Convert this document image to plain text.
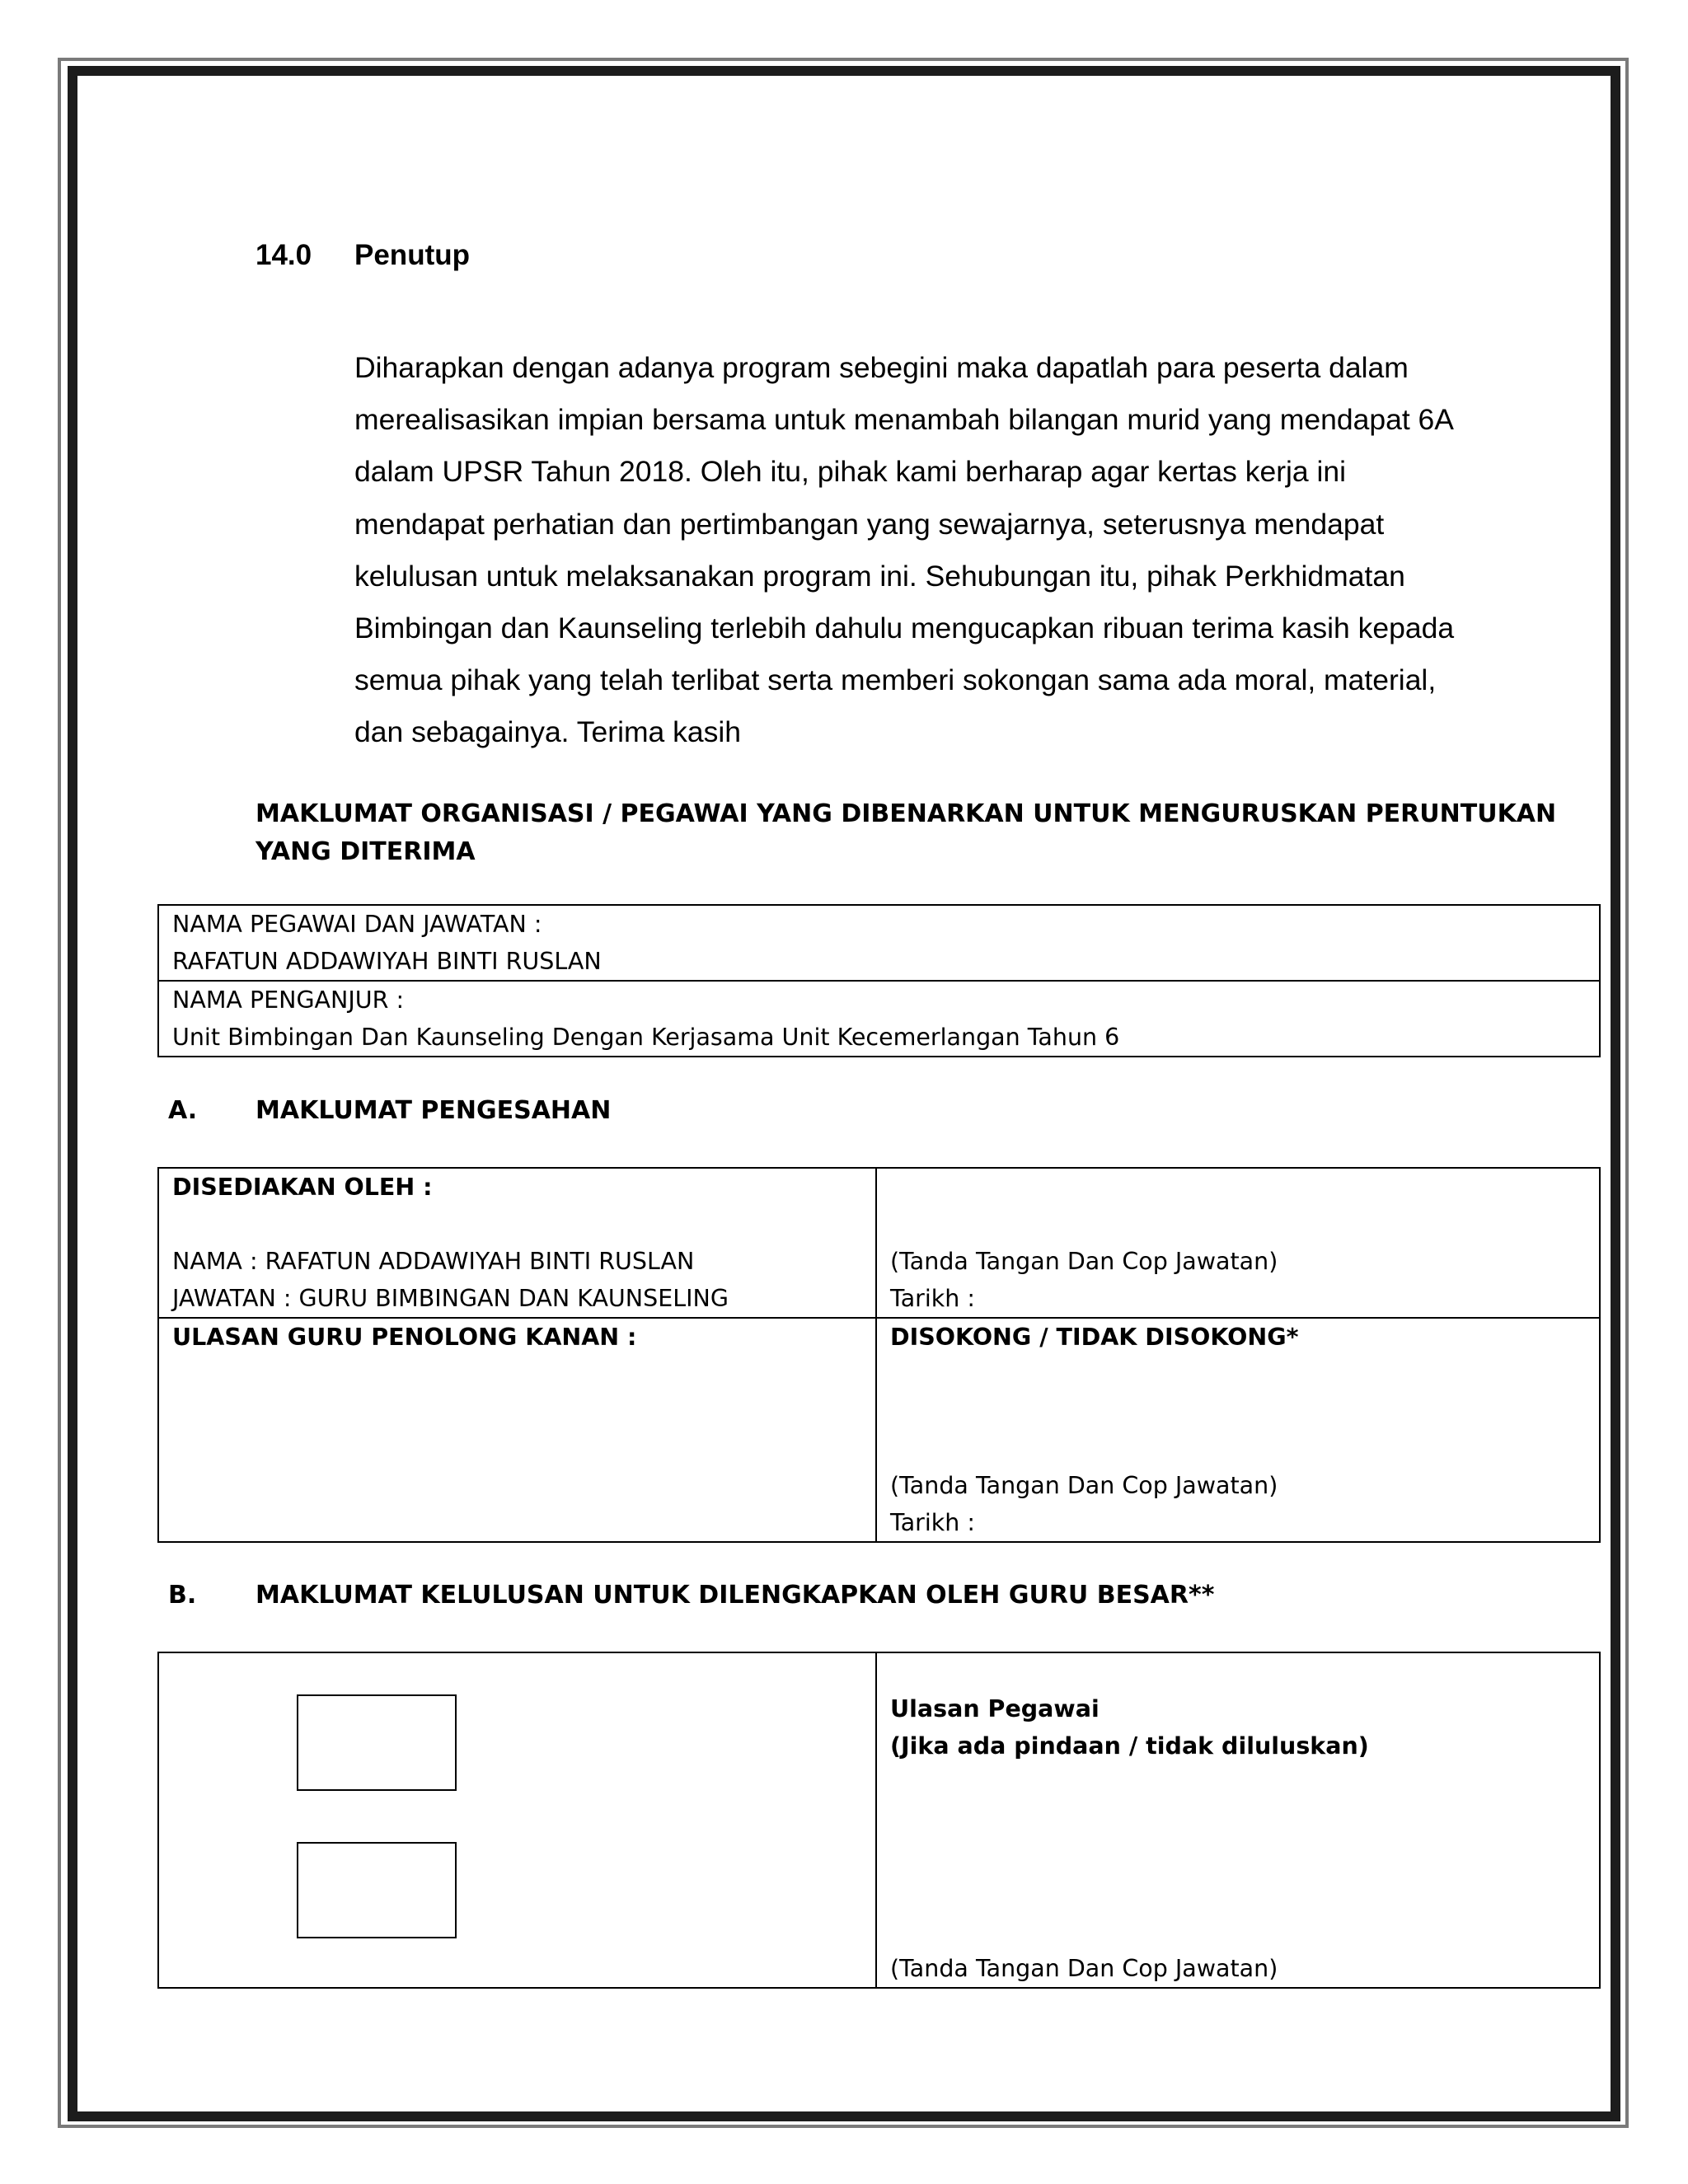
14.0 Penutup
Diharapkan dengan adanya program sebegini maka dapatlah para peserta dalam
merealisasikan impian bersama untuk menambah bilangan murid yang mendapat 6A
dalam UPSR Tahun 2018. Oleh itu, pihak kami berharap agar kertas kerja ini
mendapat perhatian dan pertimbangan yang sewajarnya, seterusnya mendapat
kelulusan untuk melaksanakan program ini. Sehubungan itu, pihak Perkhidmatan
Bimbingan dan Kaunseling terlebih dahulu mengucapkan ribuan terima kasih kepada
semua pihak yang telah terlibat serta memberi sokongan sama ada moral, material,
dan sebagainya. Terima kasih
MAKLUMAT ORGANISASI / PEGAWAI YANG DIBENARKAN UNTUK MENGURUSKAN PERUNTUKAN
YANG DITERIMA
NAMA PEGAWAI DAN JAWATAN :
RAFATUN ADDAWIYAH BINTI RUSLAN

NAMA PENGANJUR :
Unit Bimbingan Dan Kaunseling Dengan Kerjasama Unit Kecemerlangan Tahun 6
A. MAKLUMAT PENGESAHAN
DISEDIAKAN OLEH :

NAMA : RAFATUN ADDAWIYAH BINTI RUSLAN
JAWATAN : GURU BIMBINGAN DAN KAUNSELING	(Tanda Tangan Dan Cop Jawatan)
Tarikh :

ULASAN GURU PENOLONG KANAN :	DISOKONG / TIDAK DISOKONG*

(Tanda Tangan Dan Cop Jawatan)
Tarikh :
B. MAKLUMAT KELULUSAN UNTUK DILENGKAPKAN OLEH GURU BESAR**

Ulasan Pegawai
(Jika ada pindaan / tidak diluluskan)

(Tanda Tangan Dan Cop Jawatan)
